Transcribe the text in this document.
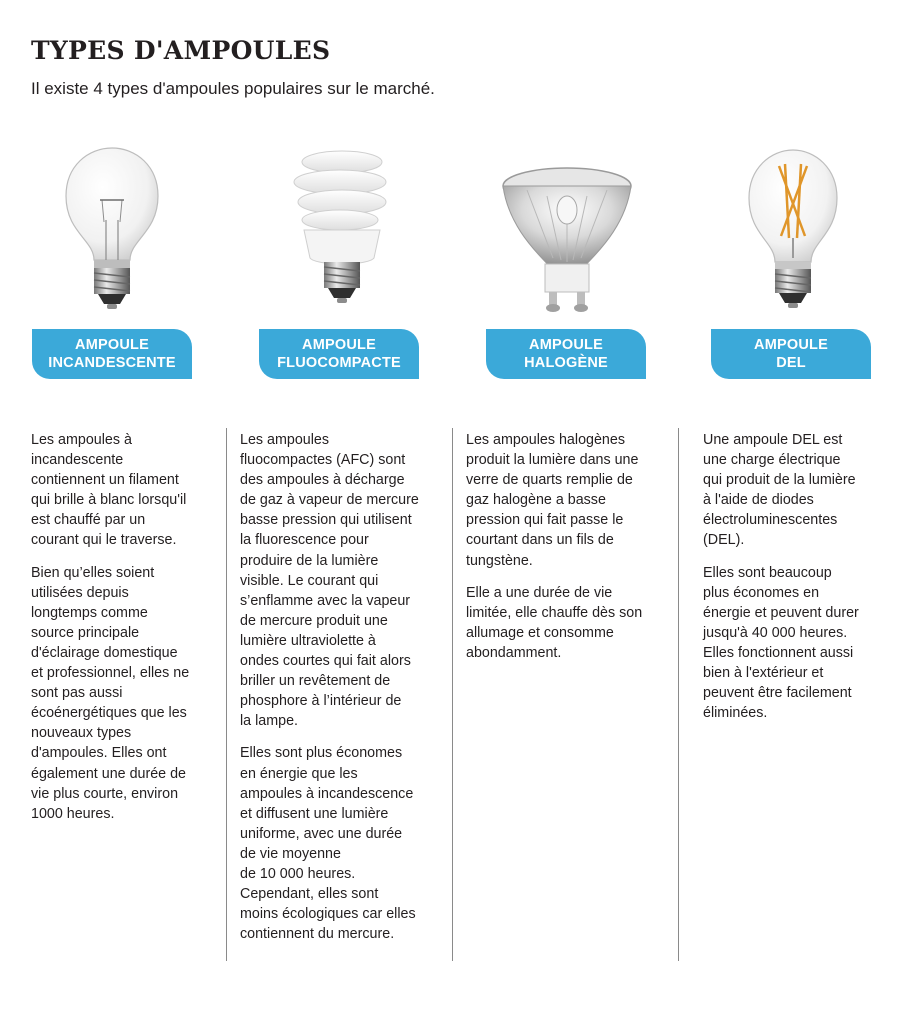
TYPES D'AMPOULES

Il existe 4 types d'ampoules populaires sur le marché.

AMPOULE
INCANDESCENTE
AMPOULE
FLUOCOMPACTE
AMPOULE
HALOGÈNE
AMPOULE
DEL

Les ampoules à
incandescente
contiennent un filament
qui brille à blanc lorsqu'il
est chauffé par un
courant qui le traverse.

Bien qu’elles soient
utilisées depuis
longtemps comme
source principale
d'éclairage domestique
et professionnel, elles ne
sont pas aussi
écoénergétiques que les
nouveaux types
d'ampoules. Elles ont
également une durée de
vie plus courte, environ
1000 heures.

Les ampoules
fluocompactes (AFC) sont
des ampoules à décharge
de gaz à vapeur de mercure
basse pression qui utilisent
la fluorescence pour
produire de la lumière
visible. Le courant qui
s’enflamme avec la vapeur
de mercure produit une
lumière ultraviolette à
ondes courtes qui fait alors
briller un revêtement de
phosphore à l’intérieur de
la lampe.

Elles sont plus économes
en énergie que les
ampoules à incandescence
et diffusent une lumière
uniforme, avec une durée
de vie moyenne
de 10 000 heures.
Cependant, elles sont
moins écologiques car elles
contiennent du mercure.

Les ampoules halogènes
produit la lumière dans une
verre de quarts remplie de
gaz halogène a basse
pression qui fait passe le
courtant dans un fils de
tungstène.

Elle a une durée de vie
limitée, elle chauffe dès son
allumage et consomme
abondamment.

Une ampoule DEL est
une charge électrique
qui produit de la lumière
à l'aide de diodes
électroluminescentes
(DEL).

Elles sont beaucoup
plus économes en
énergie et peuvent durer
jusqu'à 40 000 heures.
Elles fonctionnent aussi
bien à l'extérieur et
peuvent être facilement
éliminées.
